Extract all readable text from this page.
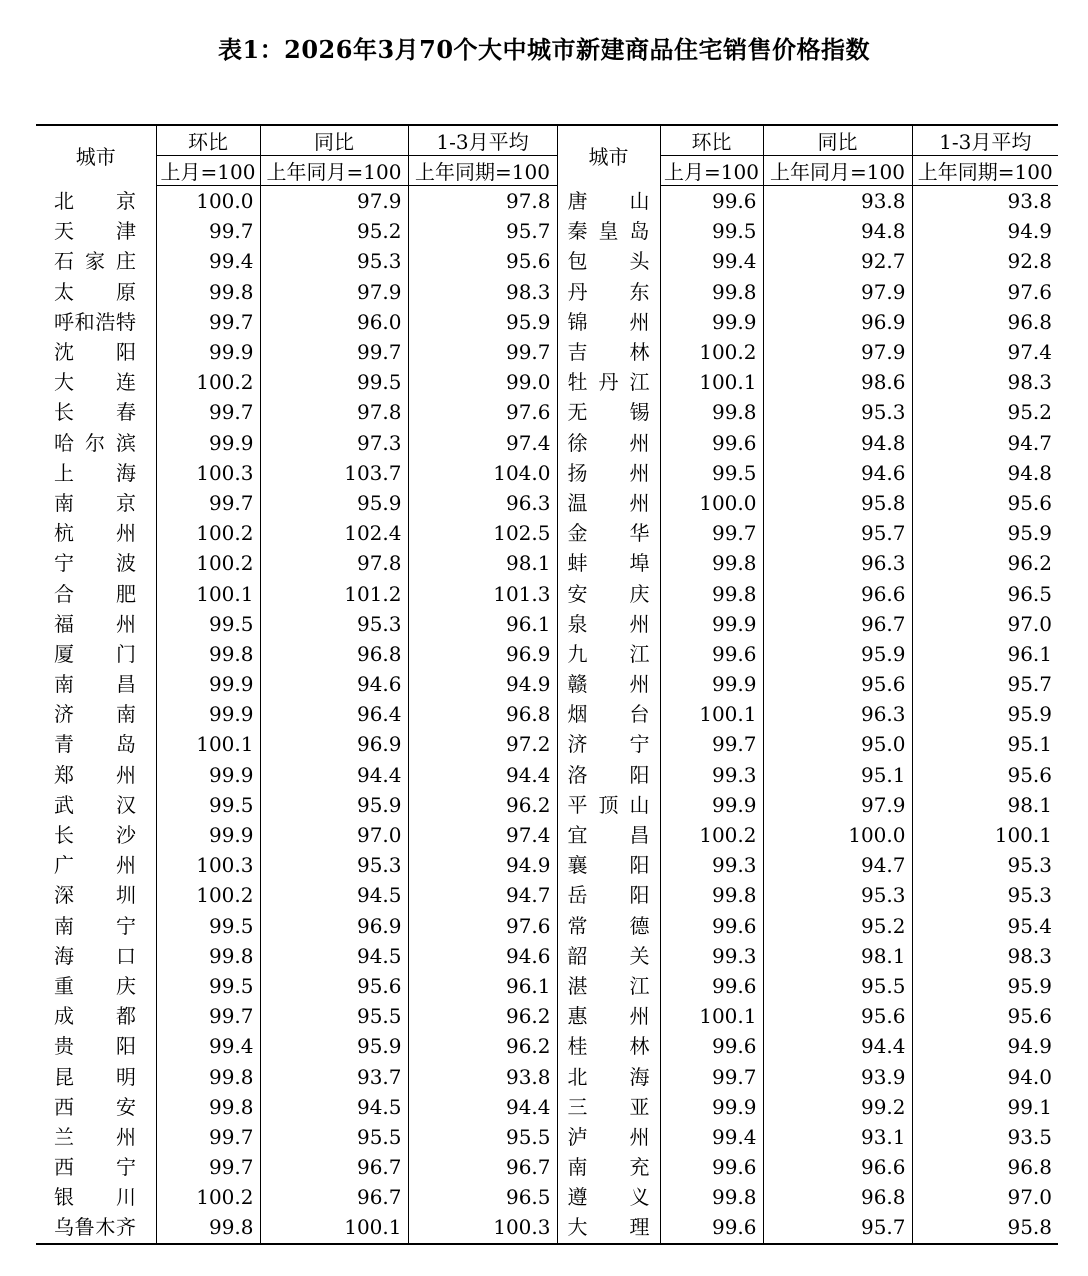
表1：2026年3月70个大中城市新建商品住宅销售价格指数
城市	环比	同比	1-3月平均	城市	环比	同比	1-3月平均
	上月=100	上年同月=100	上年同期=100		上月=100	上年同月=100	上年同期=100
北 京	100.0	97.9	97.8	唐 山	99.6	93.8	93.8
天 津	99.7	95.2	95.7	秦皇岛	99.5	94.8	94.9
石家庄	99.4	95.3	95.6	包 头	99.4	92.7	92.8
太 原	99.8	97.9	98.3	丹 东	99.8	97.9	97.6
呼和浩特	99.7	96.0	95.9	锦 州	99.9	96.9	96.8
沈 阳	99.9	99.7	99.7	吉 林	100.2	97.9	97.4
大 连	100.2	99.5	99.0	牡丹江	100.1	98.6	98.3
长 春	99.7	97.8	97.6	无 锡	99.8	95.3	95.2
哈尔滨	99.9	97.3	97.4	徐 州	99.6	94.8	94.7
上 海	100.3	103.7	104.0	扬 州	99.5	94.6	94.8
南 京	99.7	95.9	96.3	温 州	100.0	95.8	95.6
杭 州	100.2	102.4	102.5	金 华	99.7	95.7	95.9
宁 波	100.2	97.8	98.1	蚌 埠	99.8	96.3	96.2
合 肥	100.1	101.2	101.3	安 庆	99.8	96.6	96.5
福 州	99.5	95.3	96.1	泉 州	99.9	96.7	97.0
厦 门	99.8	96.8	96.9	九 江	99.6	95.9	96.1
南 昌	99.9	94.6	94.9	赣 州	99.9	95.6	95.7
济 南	99.9	96.4	96.8	烟 台	100.1	96.3	95.9
青 岛	100.1	96.9	97.2	济 宁	99.7	95.0	95.1
郑 州	99.9	94.4	94.4	洛 阳	99.3	95.1	95.6
武 汉	99.5	95.9	96.2	平顶山	99.9	97.9	98.1
长 沙	99.9	97.0	97.4	宜 昌	100.2	100.0	100.1
广 州	100.3	95.3	94.9	襄 阳	99.3	94.7	95.3
深 圳	100.2	94.5	94.7	岳 阳	99.8	95.3	95.3
南 宁	99.5	96.9	97.6	常 德	99.6	95.2	95.4
海 口	99.8	94.5	94.6	韶 关	99.3	98.1	98.3
重 庆	99.5	95.6	96.1	湛 江	99.6	95.5	95.9
成 都	99.7	95.5	96.2	惠 州	100.1	95.6	95.6
贵 阳	99.4	95.9	96.2	桂 林	99.6	94.4	94.9
昆 明	99.8	93.7	93.8	北 海	99.7	93.9	94.0
西 安	99.8	94.5	94.4	三 亚	99.9	99.2	99.1
兰 州	99.7	95.5	95.5	泸 州	99.4	93.1	93.5
西 宁	99.7	96.7	96.7	南 充	99.6	96.6	96.8
银 川	100.2	96.7	96.5	遵 义	99.8	96.8	97.0
乌鲁木齐	99.8	100.1	100.3	大 理	99.6	95.7	95.8
